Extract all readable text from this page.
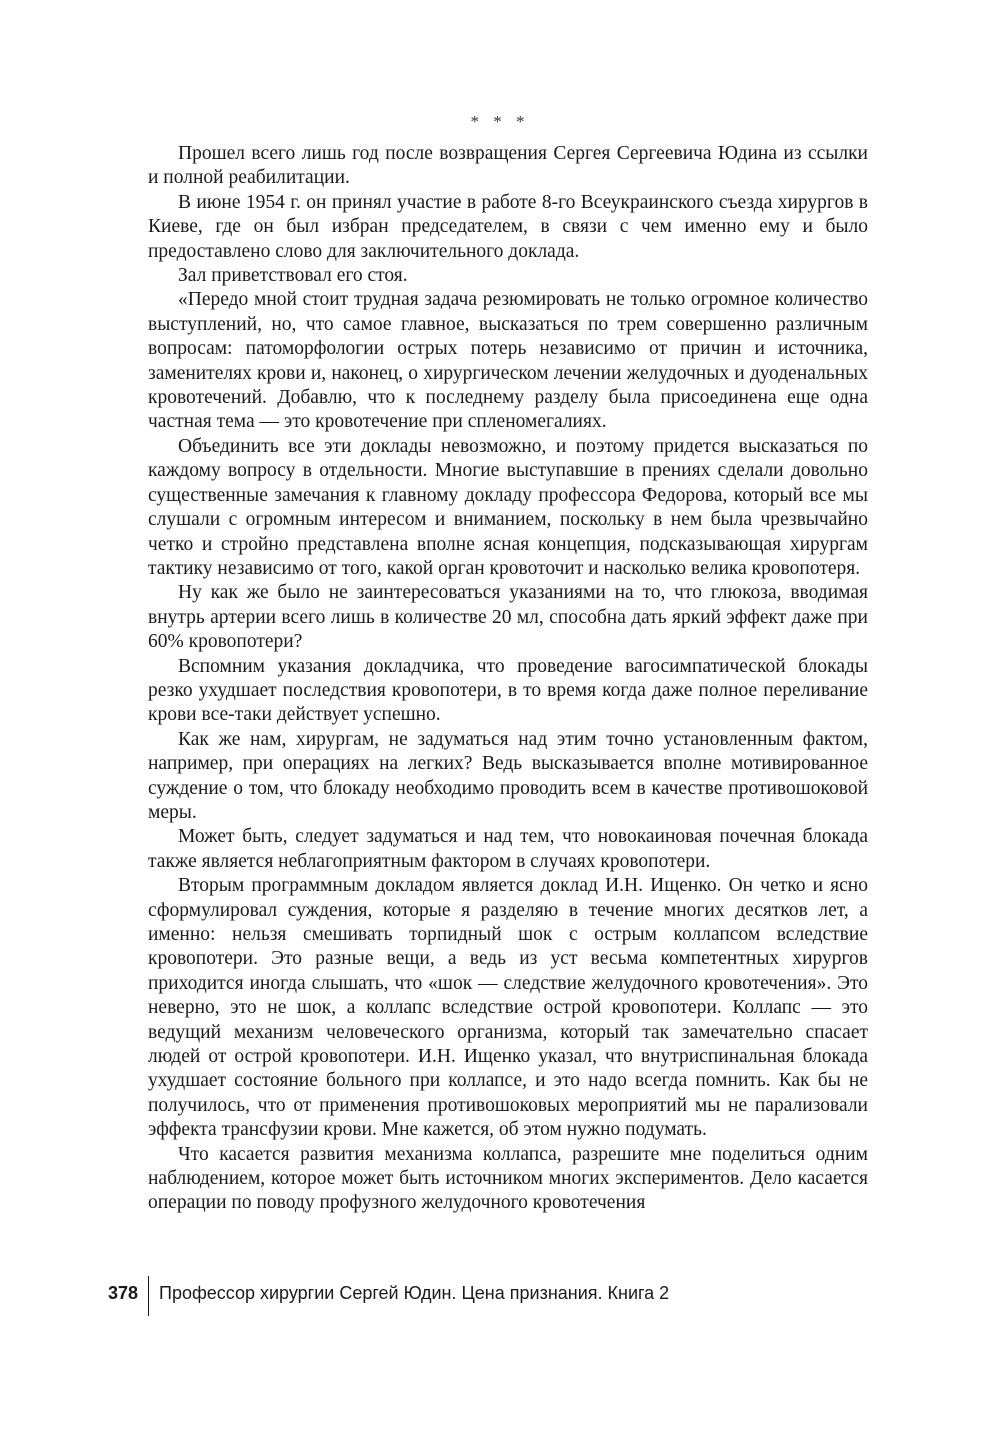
* * *

Прошел всего лишь год после возвращения Сергея Сергеевича Юдина из ссылки и полной реабилитации.

В июне 1954 г. он принял участие в работе 8-го Всеукраинского съезда хирургов в Киеве, где он был избран председателем, в связи с чем именно ему и было предоставлено слово для заключительного доклада.

Зал приветствовал его стоя.

«Передо мной стоит трудная задача резюмировать не только огромное количество выступлений, но, что самое главное, высказаться по трем совершенно различным вопросам: патоморфологии острых потерь независимо от причин и источника, заменителях крови и, наконец, о хирургическом лечении желудочных и дуоденальных кровотечений. Добавлю, что к последнему разделу была присоединена еще одна частная тема — это кровотечение при спленомегалиях.

Объединить все эти доклады невозможно, и поэтому придется высказаться по каждому вопросу в отдельности. Многие выступавшие в прениях сделали довольно существенные замечания к главному докладу профессора Федорова, который все мы слушали с огромным интересом и вниманием, поскольку в нем была чрезвычайно четко и стройно представлена вполне ясная концепция, подсказывающая хирургам тактику независимо от того, какой орган кровоточит и насколько велика кровопотеря.

Ну как же было не заинтересоваться указаниями на то, что глюкоза, вводимая внутрь артерии всего лишь в количестве 20 мл, способна дать яркий эффект даже при 60% кровопотери?

Вспомним указания докладчика, что проведение вагосимпатической блокады резко ухудшает последствия кровопотери, в то время когда даже полное переливание крови все-таки действует успешно.

Как же нам, хирургам, не задуматься над этим точно установленным фактом, например, при операциях на легких? Ведь высказывается вполне мотивированное суждение о том, что блокаду необходимо проводить всем в качестве противошоковой меры.

Может быть, следует задуматься и над тем, что новокаиновая почечная блокада также является неблагоприятным фактором в случаях кровопотери.

Вторым программным докладом является доклад И.Н. Ищенко. Он четко и ясно сформулировал суждения, которые я разделяю в течение многих десятков лет, а именно: нельзя смешивать торпидный шок с острым коллапсом вследствие кровопотери. Это разные вещи, а ведь из уст весьма компетентных хирургов приходится иногда слышать, что «шок — следствие желудочного кровотечения». Это неверно, это не шок, а коллапс вследствие острой кровопотери. Коллапс — это ведущий механизм человеческого организма, который так замечательно спасает людей от острой кровопотери. И.Н. Ищенко указал, что внутриспинальная блокада ухудшает состояние больного при коллапсе, и это надо всегда помнить. Как бы не получилось, что от применения противошоковых мероприятий мы не парализовали эффекта трансфузии крови. Мне кажется, об этом нужно подумать.

Что касается развития механизма коллапса, разрешите мне поделиться одним наблюдением, которое может быть источником многих экспериментов. Дело касается операции по поводу профузного желудочного кровотечения

378 Профессор хирургии Сергей Юдин. Цена признания. Книга 2
